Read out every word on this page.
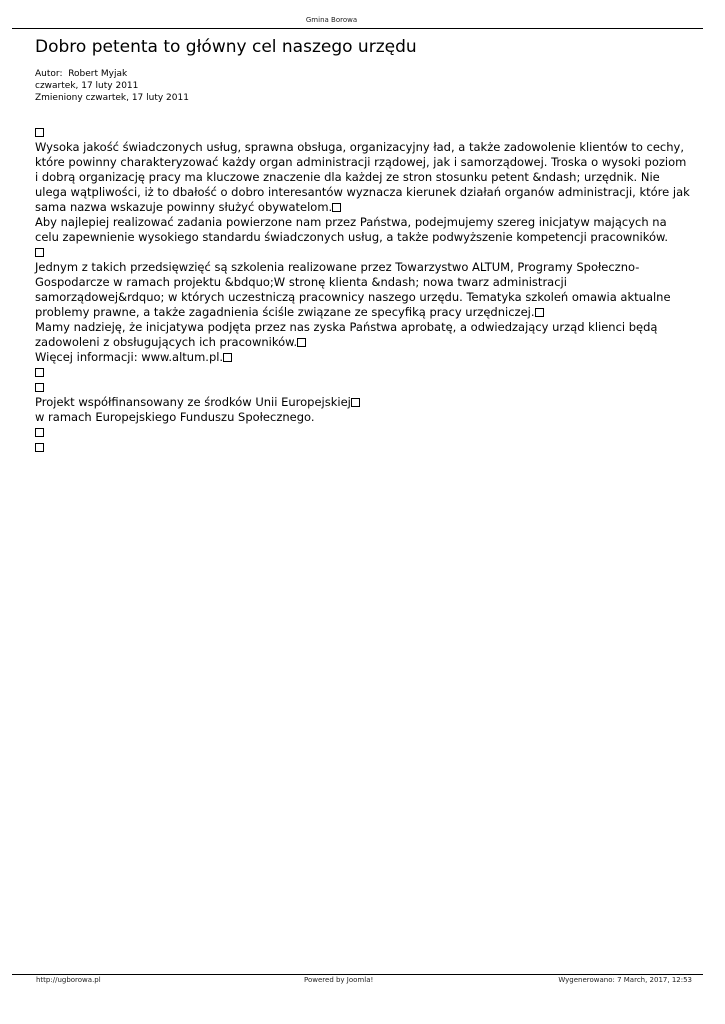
Gmina Borowa
Dobro petenta to główny cel naszego urzędu
Autor:  Robert Myjak
czwartek, 17 luty 2011
Zmieniony czwartek, 17 luty 2011

Wysoka jakość świadczonych usług, sprawna obsługa, organizacyjny ład, a także zadowolenie klientów to cechy, które powinny charakteryzować każdy organ administracji rządowej, jak i samorządowej. Troska o wysoki poziom i dobrą organizację pracy ma kluczowe znaczenie dla każdej ze stron stosunku petent &ndash; urzędnik. Nie ulega wątpliwości, iż to dbałość o dobro interesantów wyznacza kierunek działań organów administracji, które jak sama nazwa wskazuje powinny służyć obywatelom.

Aby najlepiej realizować zadania powierzone nam przez Państwa, podejmujemy szereg inicjatyw mających na celu zapewnienie wysokiego standardu świadczonych usług, a także podwyższenie kompetencji pracowników.

Jednym z takich przedsięwzięć są szkolenia realizowane przez Towarzystwo ALTUM, Programy Społeczno-Gospodarcze w ramach projektu &bdquo;W stronę klienta &ndash; nowa twarz administracji samorządowej&rdquo; w których uczestniczą pracownicy naszego urzędu. Tematyka szkoleń omawia aktualne problemy prawne, a także zagadnienia ściśle związane ze specyfiką pracy urzędniczej.

Mamy nadzieję, że inicjatywa podjęta przez nas zyska Państwa aprobatę, a odwiedzający urząd klienci będą zadowoleni z obsługujących ich pracowników.

Więcej informacji: www.altum.pl.

Projekt współfinansowany ze środków Unii Europejskiej

w ramach Europejskiego Funduszu Społecznego.

http://ugborowa.pl	Powered by Joomla!	Wygenerowano: 7 March, 2017, 12:53
